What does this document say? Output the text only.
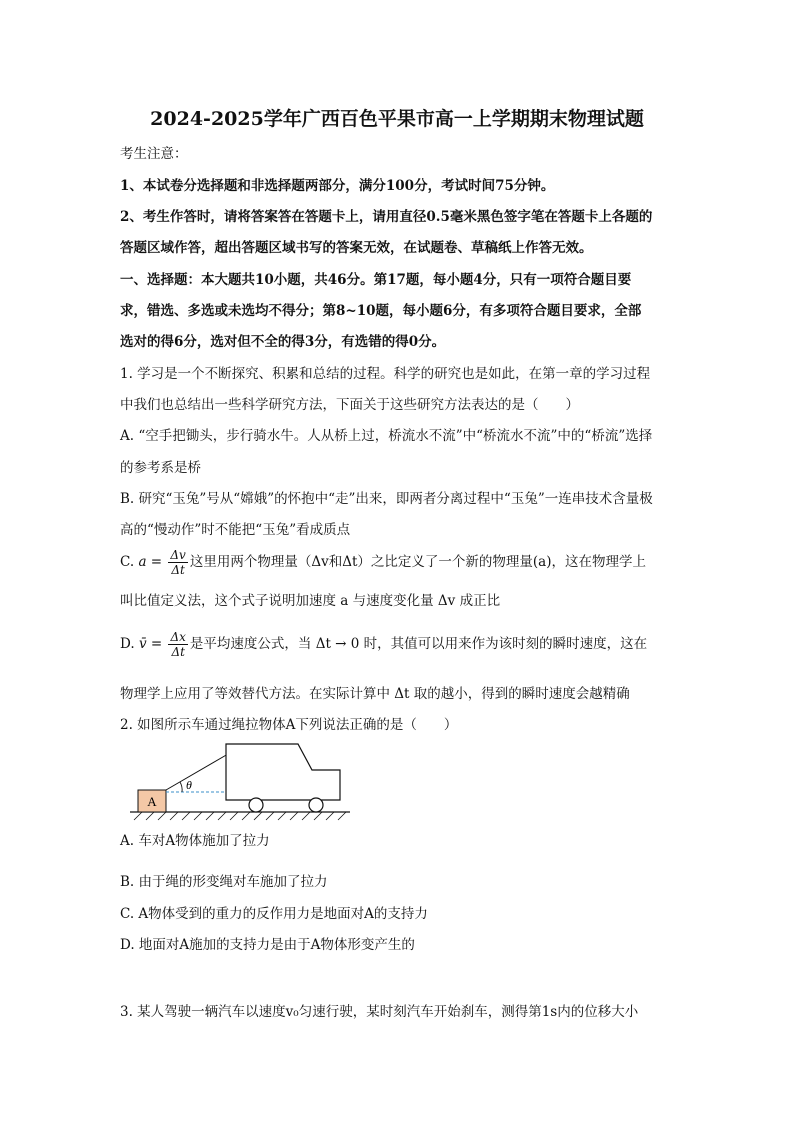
2024-2025学年广西百色平果市高一上学期期末物理试题
考生注意：
1、本试卷分选择题和非选择题两部分，满分100分，考试时间75分钟。
2、考生作答时，请将答案答在答题卡上，请用直径0.5毫米黑色签字笔在答题卡上各题的
答题区域作答，超出答题区域书写的答案无效，在试题卷、草稿纸上作答无效。
一、选择题：本大题共10小题，共46分。第17题，每小题4分，只有一项符合题目要
求，错选、多选或未选均不得分；第8~10题，每小题6分，有多项符合题目要求，全部
选对的得6分，选对但不全的得3分，有选错的得0分。
1. 学习是一个不断探究、积累和总结的过程。科学的研究也是如此，在第一章的学习过程
中我们也总结出一些科学研究方法，下面关于这些研究方法表达的是（　　）
A. “空手把锄头，步行骑水牛。人从桥上过，桥流水不流”中“桥流水不流”中的“桥流”选择
的参考系是桥
B. 研究“玉兔”号从“嫦娥”的怀抱中“走”出来，即两者分离过程中“玉兔”一连串技术含量极
高的“慢动作”时不能把“玉兔”看成质点
C. $a = \frac{\Delta v}{\Delta t}$ 这里用两个物理量（Δv和Δt）之比定义了一个新的物理量(a)，这在物理学上
叫比值定义法，这个式子说明加速度 a 与速度变化量 Δv 成正比
D. v̄ = $\frac{\Delta x}{\Delta t}$ 是平均速度公式，当 Δt → 0 时，其值可以用来作为该时刻的瞬时速度，这在
物理学上应用了等效替代方法。在实际计算中 Δt 取的越小，得到的瞬时速度会越精确
2. 如图所示车通过绳拉物体A下列说法正确的是（　　）
A
θ
A. 车对A物体施加了拉力
B. 由于绳的形变绳对车施加了拉力
C. A物体受到的重力的反作用力是地面对A的支持力
D. 地面对A施加的支持力是由于A物体形变产生的
3. 某人驾驶一辆汽车以速度v₀匀速行驶，某时刻汽车开始刹车，测得第1s内的位移大小
